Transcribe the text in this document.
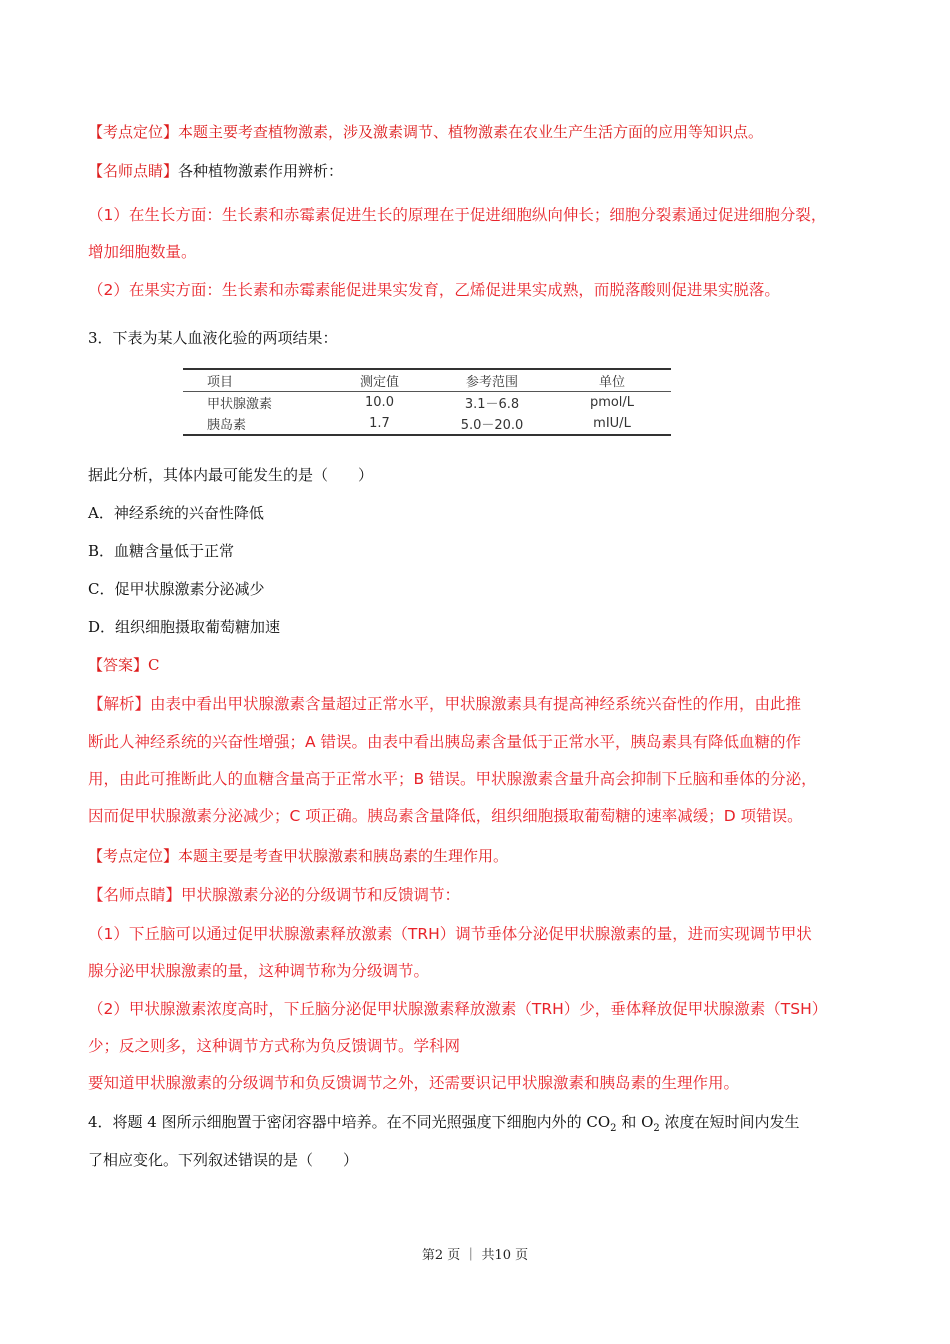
【考点定位】本题主要考查植物激素，涉及激素调节、植物激素在农业生产生活方面的应用等知识点。

【名师点睛】各种植物激素作用辨析：

（1）在生长方面：生长素和赤霉素促进生长的原理在于促进细胞纵向伸长；细胞分裂素通过促进细胞分裂，

增加细胞数量。

（2）在果实方面：生长素和赤霉素能促进果实发育，乙烯促进果实成熟，而脱落酸则促进果实脱落。

3．下表为某人血液化验的两项结果：

项目	测定值	参考范围	单位
甲状腺激素	10.0	3.1－6.8	pmol/L
胰岛素	1.7	5.0－20.0	mIU/L

据此分析，其体内最可能发生的是（　　）

A．神经系统的兴奋性降低

B．血糖含量低于正常

C．促甲状腺激素分泌减少

D．组织细胞摄取葡萄糖加速

【答案】C

【解析】由表中看出甲状腺激素含量超过正常水平，甲状腺激素具有提高神经系统兴奋性的作用，由此推

断此人神经系统的兴奋性增强；A 错误。由表中看出胰岛素含量低于正常水平，胰岛素具有降低血糖的作

用，由此可推断此人的血糖含量高于正常水平；B 错误。甲状腺激素含量升高会抑制下丘脑和垂体的分泌，

因而促甲状腺激素分泌减少；C 项正确。胰岛素含量降低，组织细胞摄取葡萄糖的速率减缓；D 项错误。

【考点定位】本题主要是考查甲状腺激素和胰岛素的生理作用。

【名师点睛】甲状腺激素分泌的分级调节和反馈调节：

（1）下丘脑可以通过促甲状腺激素释放激素（TRH）调节垂体分泌促甲状腺激素的量，进而实现调节甲状

腺分泌甲状腺激素的量，这种调节称为分级调节。

（2）甲状腺激素浓度高时，下丘脑分泌促甲状腺激素释放激素（TRH）少，垂体释放促甲状腺激素（TSH）

少；反之则多，这种调节方式称为负反馈调节。学科网

要知道甲状腺激素的分级调节和负反馈调节之外，还需要识记甲状腺激素和胰岛素的生理作用。

4．将题 4 图所示细胞置于密闭容器中培养。在不同光照强度下细胞内外的 $CO_2$ 和 $O_2$ 浓度在短时间内发生

了相应变化。下列叙述错误的是（　　）

第2 页 ｜ 共10 页
